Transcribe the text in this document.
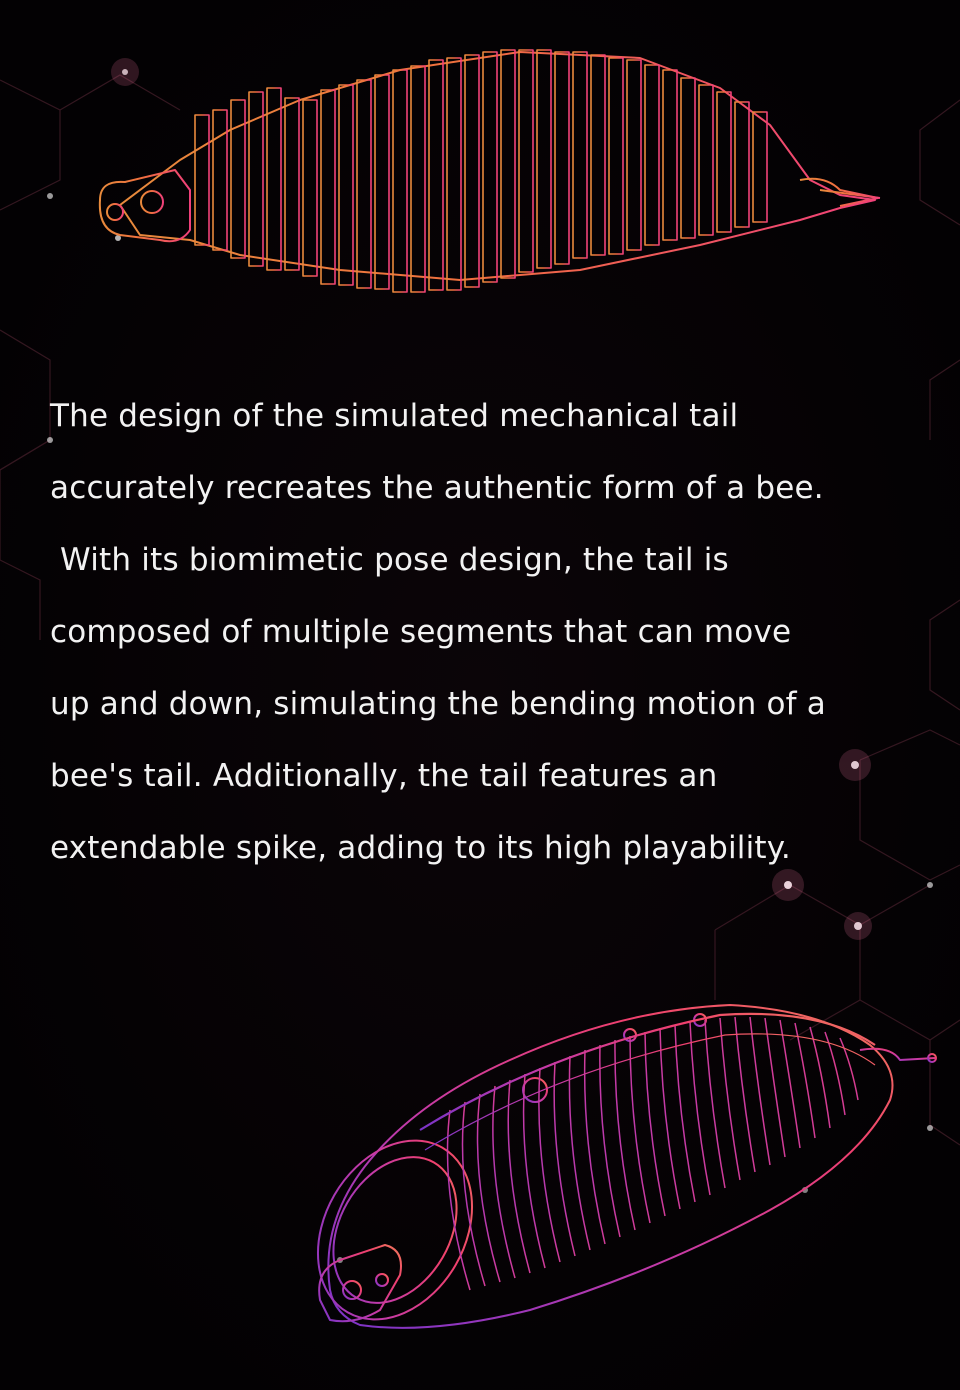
The design of the simulated mechanical tail
accurately recreates the authentic form of a bee.
With its biomimetic pose design, the tail is
composed of multiple segments that can move
up and down, simulating the bending motion of a
bee's tail. Additionally, the tail features an
extendable spike, adding to its high playability.
